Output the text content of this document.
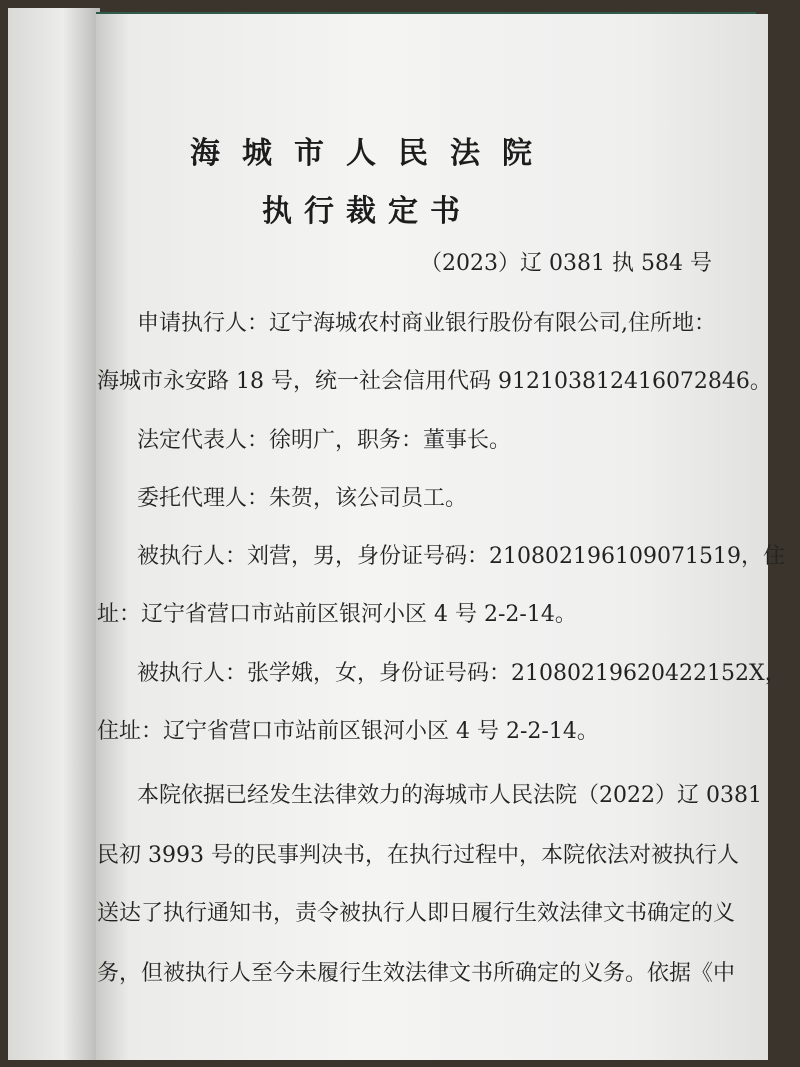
海城市人民法院
执行裁定书
（2023）辽 0381 执 584 号
申请执行人：辽宁海城农村商业银行股份有限公司,住所地：
海城市永安路 18 号，统一社会信用代码 912103812416072846。
法定代表人：徐明广，职务：董事长。
委托代理人：朱贺，该公司员工。
被执行人：刘营，男，身份证号码：210802196109071519，住
址：辽宁省营口市站前区银河小区 4 号 2-2-14。
被执行人：张学娥，女，身份证号码：21080219620422152X，
住址：辽宁省营口市站前区银河小区 4 号 2-2-14。
本院依据已经发生法律效力的海城市人民法院（2022）辽 0381
民初 3993 号的民事判决书，在执行过程中，本院依法对被执行人
送达了执行通知书，责令被执行人即日履行生效法律文书确定的义
务，但被执行人至今未履行生效法律文书所确定的义务。依据《中
